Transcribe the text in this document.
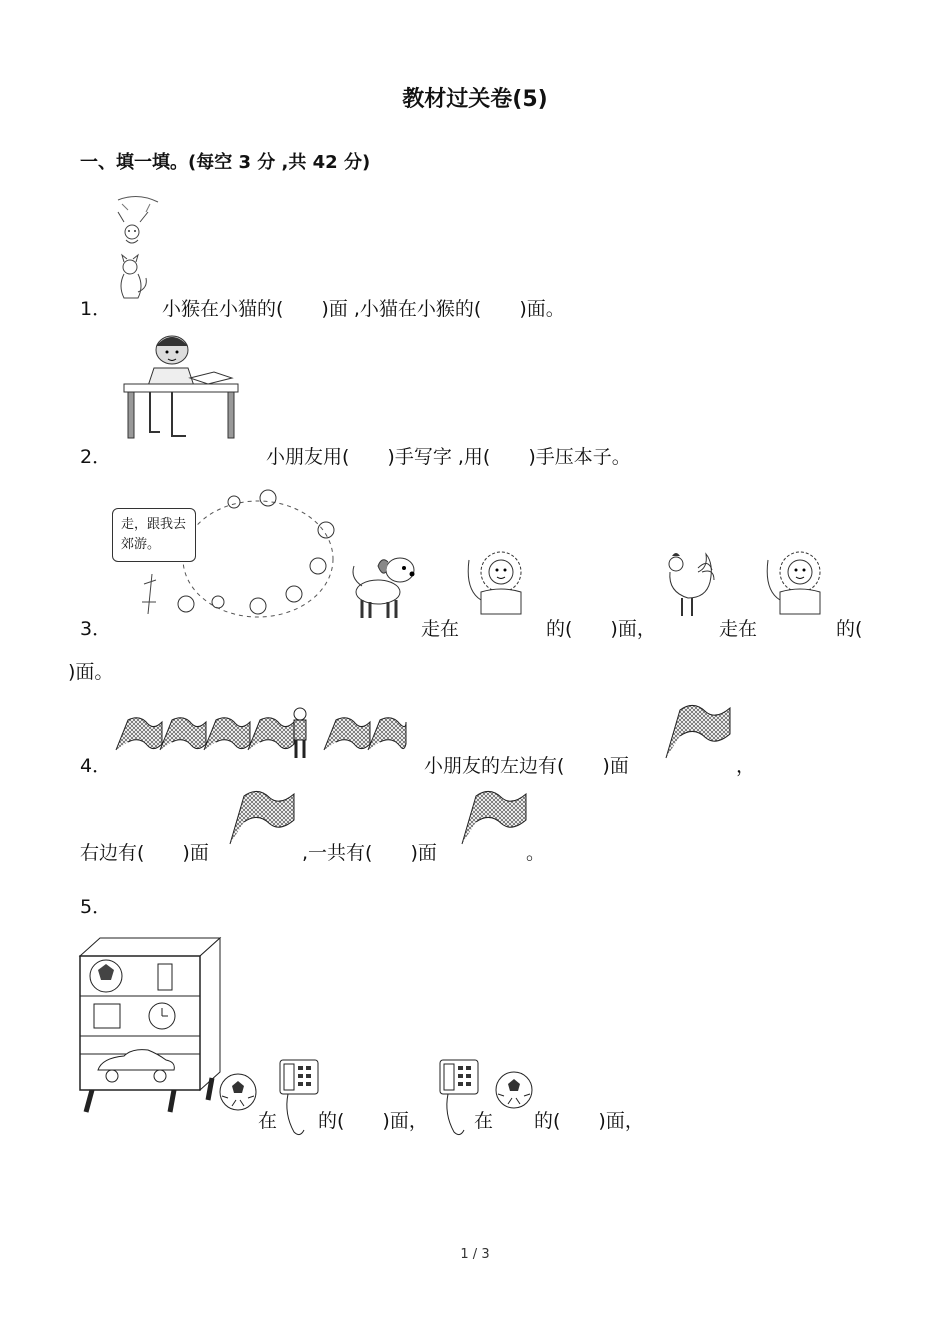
教材过关卷(5)
一、填一填。(每空 3 分 ,共 42 分)
1．	小猴在小猫的(　　)面 ,小猫在小猴的(　　)面。
2．	小朋友用(　　)手写字 ,用(　　)手压本子。
走，跟我去郊游。
3．	走在	的(　　)面，	走在	的(
)面。
4．	小朋友的左边有(　　)面	，
右边有(　　)面	,一共有(　　)面	。
5．
在 的(　　)面， 在 的(　　)面，
1 / 3
